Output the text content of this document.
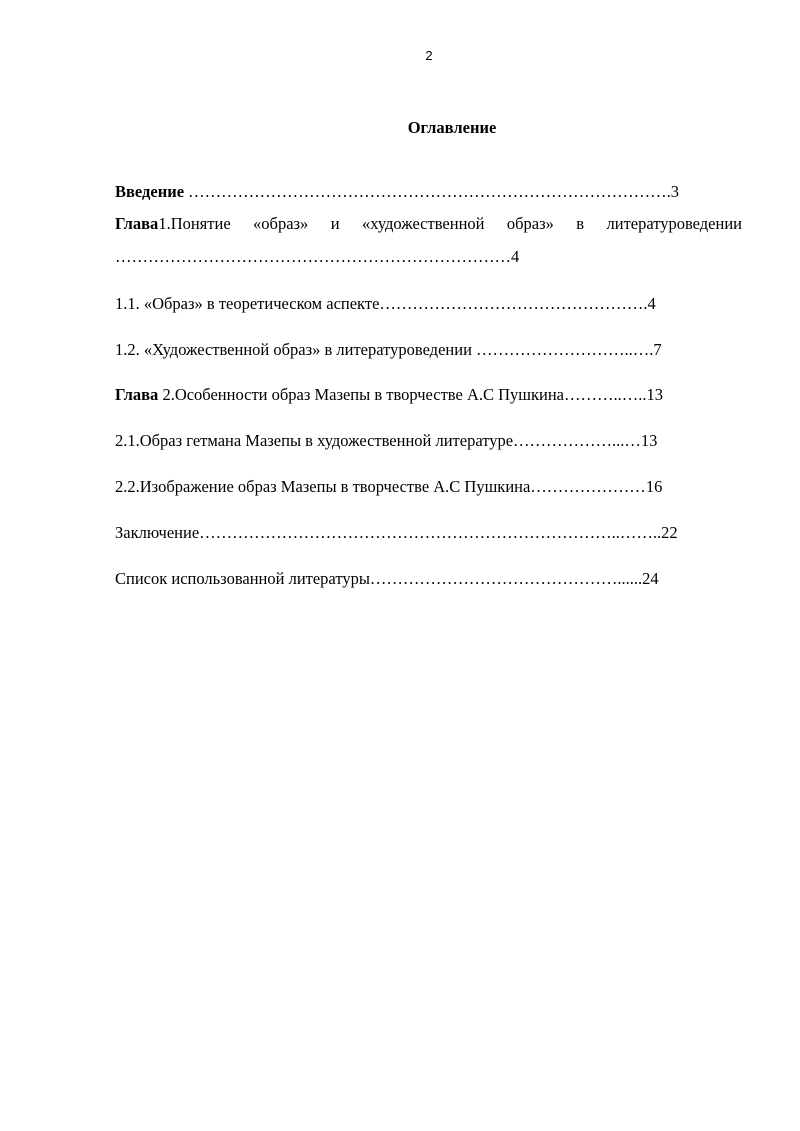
2
Оглавление
Введение …………………………………………………………………………….3
Глава1.Понятие «образ» и «художественной образ» в литературоведении
………………………………………………………………4
1.1. «Образ» в теоретическом аспекте………………………………………….4
1.2. «Художественной образ» в литературоведении ………………………..….7
Глава 2.Особенности образ Мазепы в творчестве А.С Пушкина………..…..13
2.1.Образ гетмана Мазепы в художественной литературе………………...…13
2.2.Изображение образ Мазепы в творчестве А.С Пушкина…………………16
Заключение…………………………………………………………………..……..22
Список использованной литературы………………………………………......24
